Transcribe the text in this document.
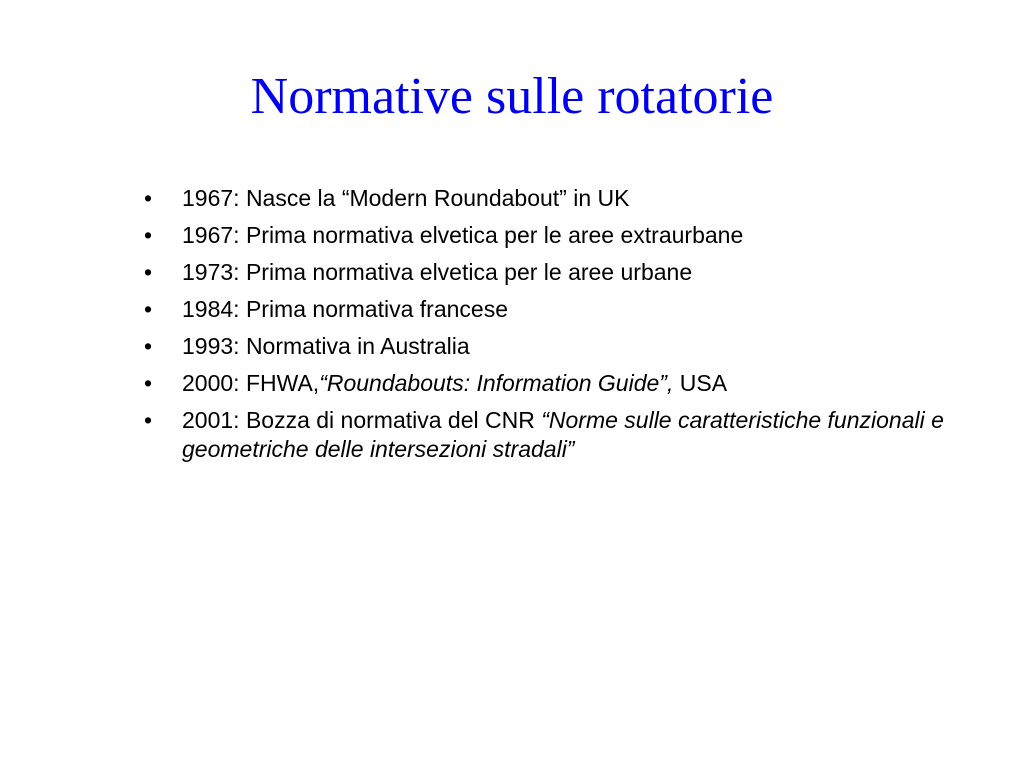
Normative sulle rotatorie
•	1967: Nasce la “Modern Roundabout” in UK
•	1967: Prima normativa elvetica per le aree extraurbane
•	1973: Prima normativa elvetica per le aree urbane
•	1984: Prima normativa francese
•	1993: Normativa in Australia
•	2000: FHWA,“Roundabouts: Information Guide”, USA
•	2001: Bozza di normativa del CNR “Norme sulle caratteristiche funzionali e geometriche delle intersezioni stradali”
